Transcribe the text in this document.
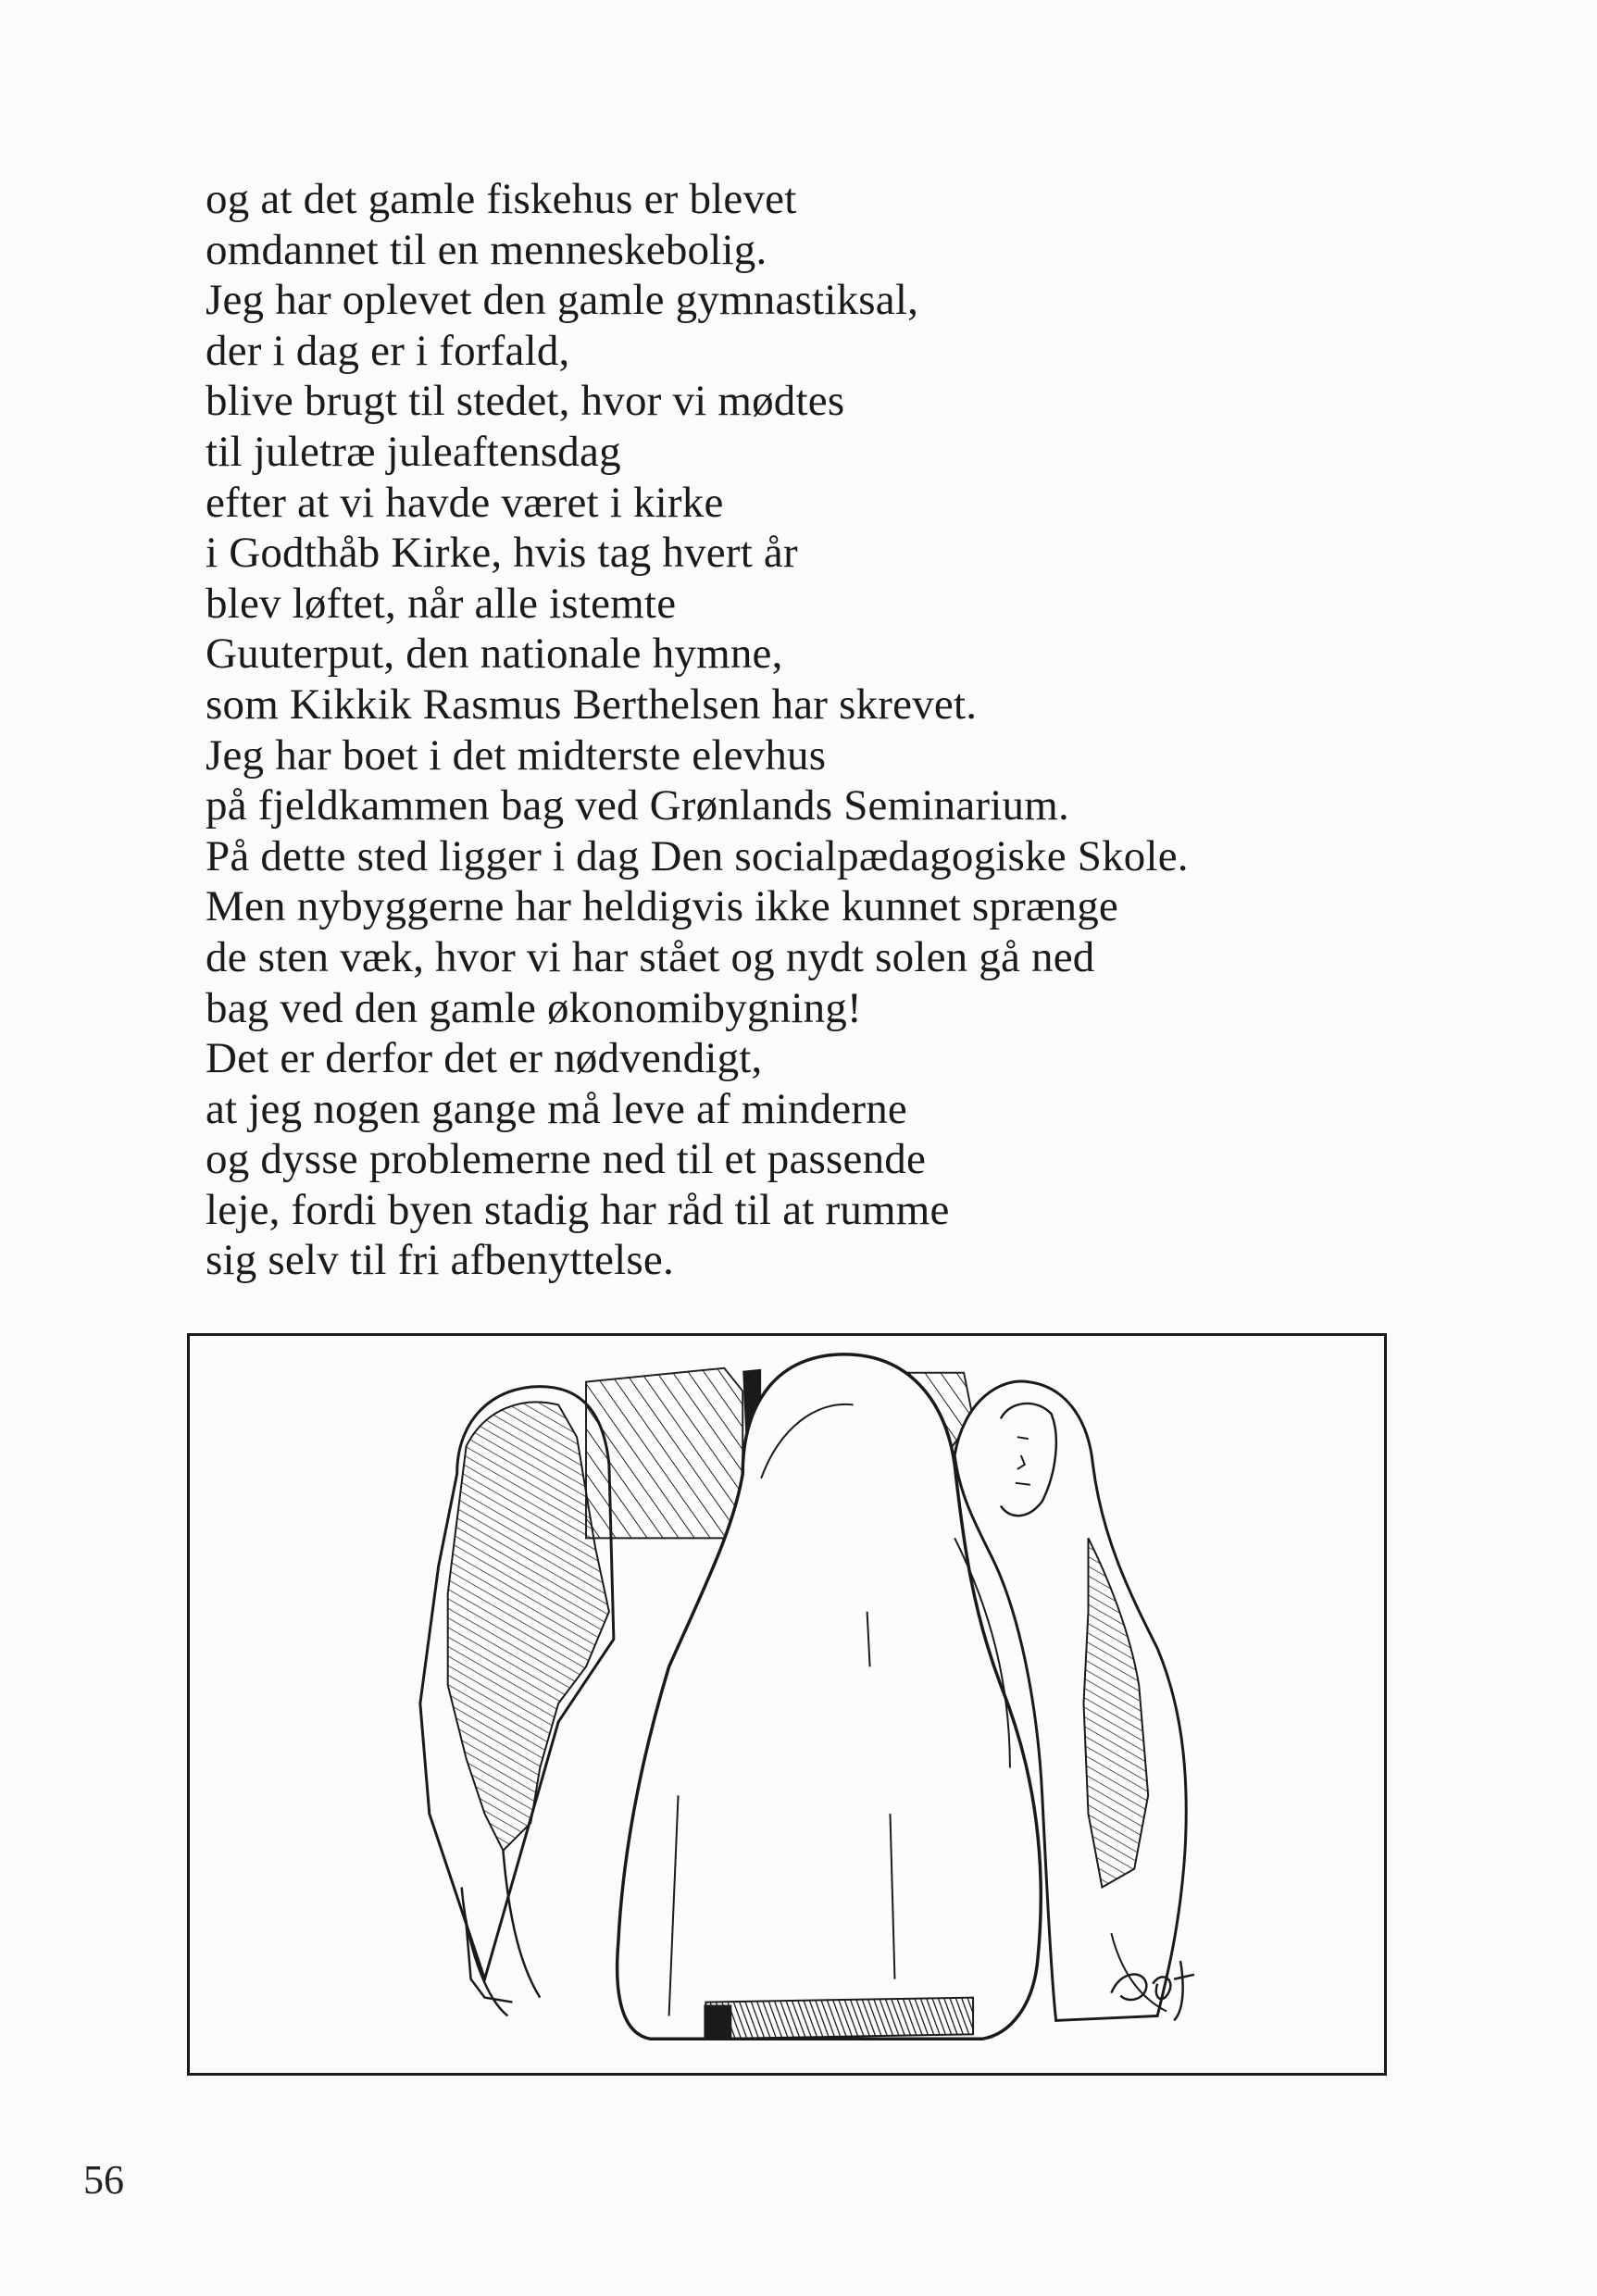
og at det gamle fiskehus er blevet
omdannet til en menneskebolig.
Jeg har oplevet den gamle gymnastiksal,
der i dag er i forfald,
blive brugt til stedet, hvor vi mødtes
til juletræ juleaftensdag
efter at vi havde været i kirke
i Godthåb Kirke, hvis tag hvert år
blev løftet, når alle istemte
Guuterput, den nationale hymne,
som Kikkik Rasmus Berthelsen har skrevet.
Jeg har boet i det midterste elevhus
på fjeldkammen bag ved Grønlands Seminarium.
På dette sted ligger i dag Den socialpædagogiske Skole.
Men nybyggerne har heldigvis ikke kunnet sprænge
de sten væk, hvor vi har stået og nydt solen gå ned
bag ved den gamle økonomibygning!
Det er derfor det er nødvendigt,
at jeg nogen gange må leve af minderne
og dysse problemerne ned til et passende
leje, fordi byen stadig har råd til at rumme
sig selv til fri afbenyttelse.
56
